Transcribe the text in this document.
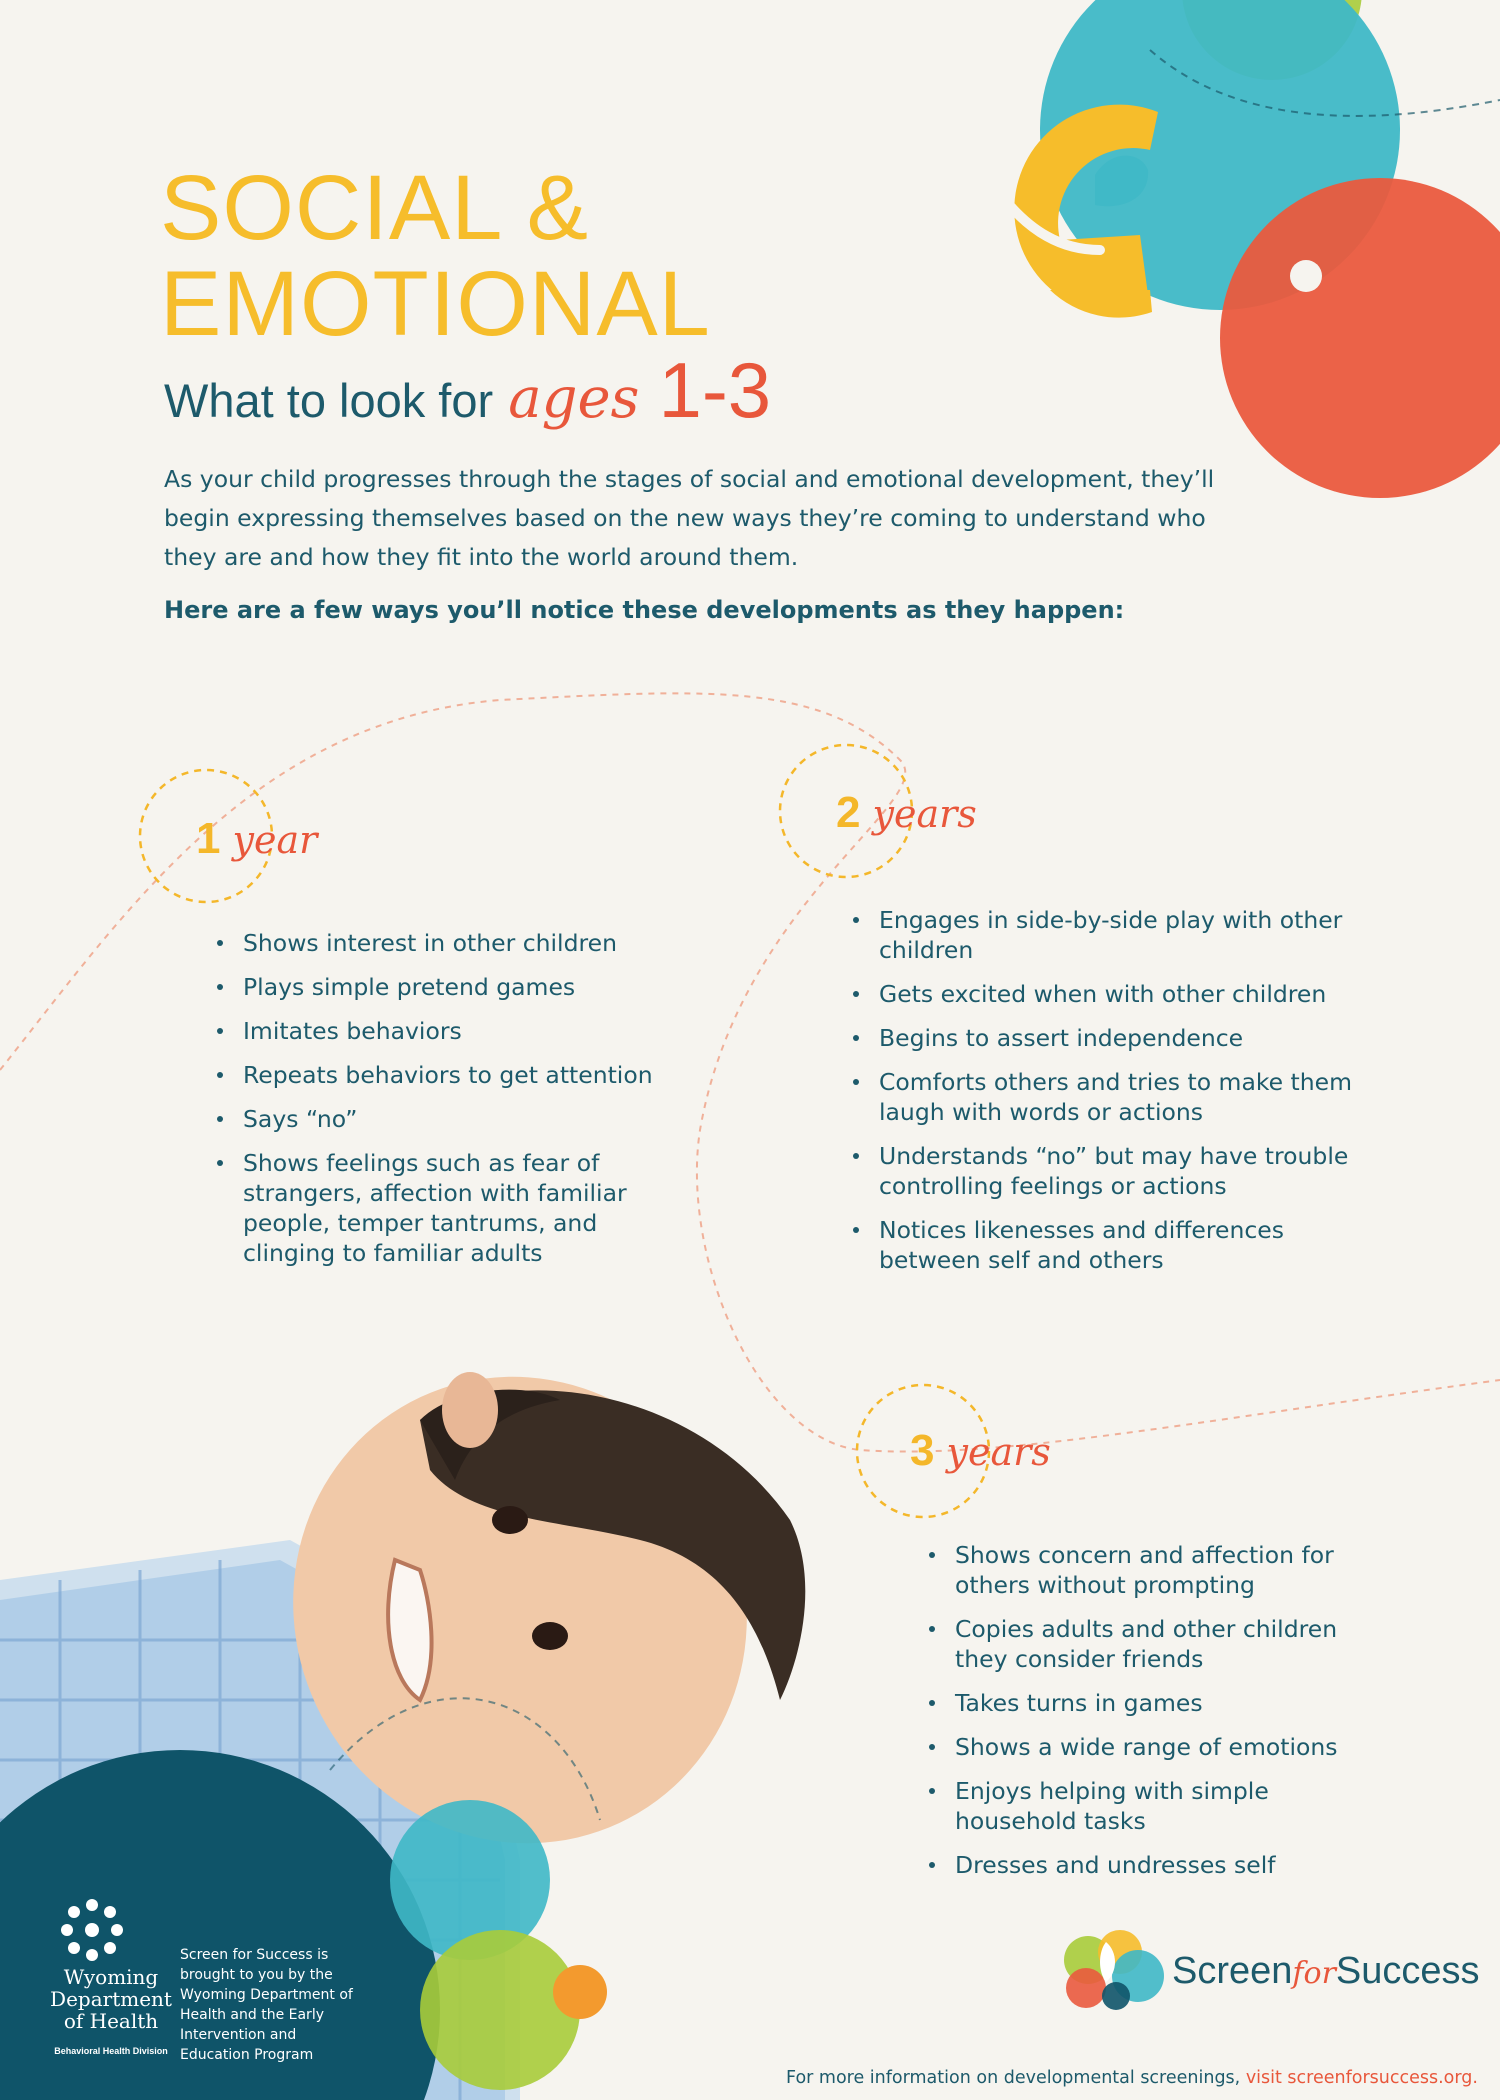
SOCIAL &
EMOTIONAL
What to look for ages 1-3

As your child progresses through the stages of social and emotional development, they’ll begin expressing themselves based on the new ways they’re coming to understand who they are and how they fit into the world around them.

Here are a few ways you’ll notice these developments as they happen:

1 year
Shows interest in other children
Plays simple pretend games
Imitates behaviors
Repeats behaviors to get attention
Says “no”
Shows feelings such as fear of strangers, affection with familiar people, temper tantrums, and clinging to familiar adults
2 years
Engages in side-by-side play with other children
Gets excited when with other children
Begins to assert independence
Comforts others and tries to make them laugh with words or actions
Understands “no” but may have trouble controlling feelings or actions
Notices likenesses and differences between self and others
3 years
Shows concern and affection for others without prompting
Copies adults and other children they consider friends
Takes turns in games
Shows a wide range of emotions
Enjoys helping with simple household tasks
Dresses and undresses self
Wyoming
Department
of Health
Behavioral Health Division

Screen for Success is brought to you by the Wyoming Department of Health and the Early Intervention and Education Program

ScreenforSuccess
For more information on developmental screenings, visit screenforsuccess.org.
